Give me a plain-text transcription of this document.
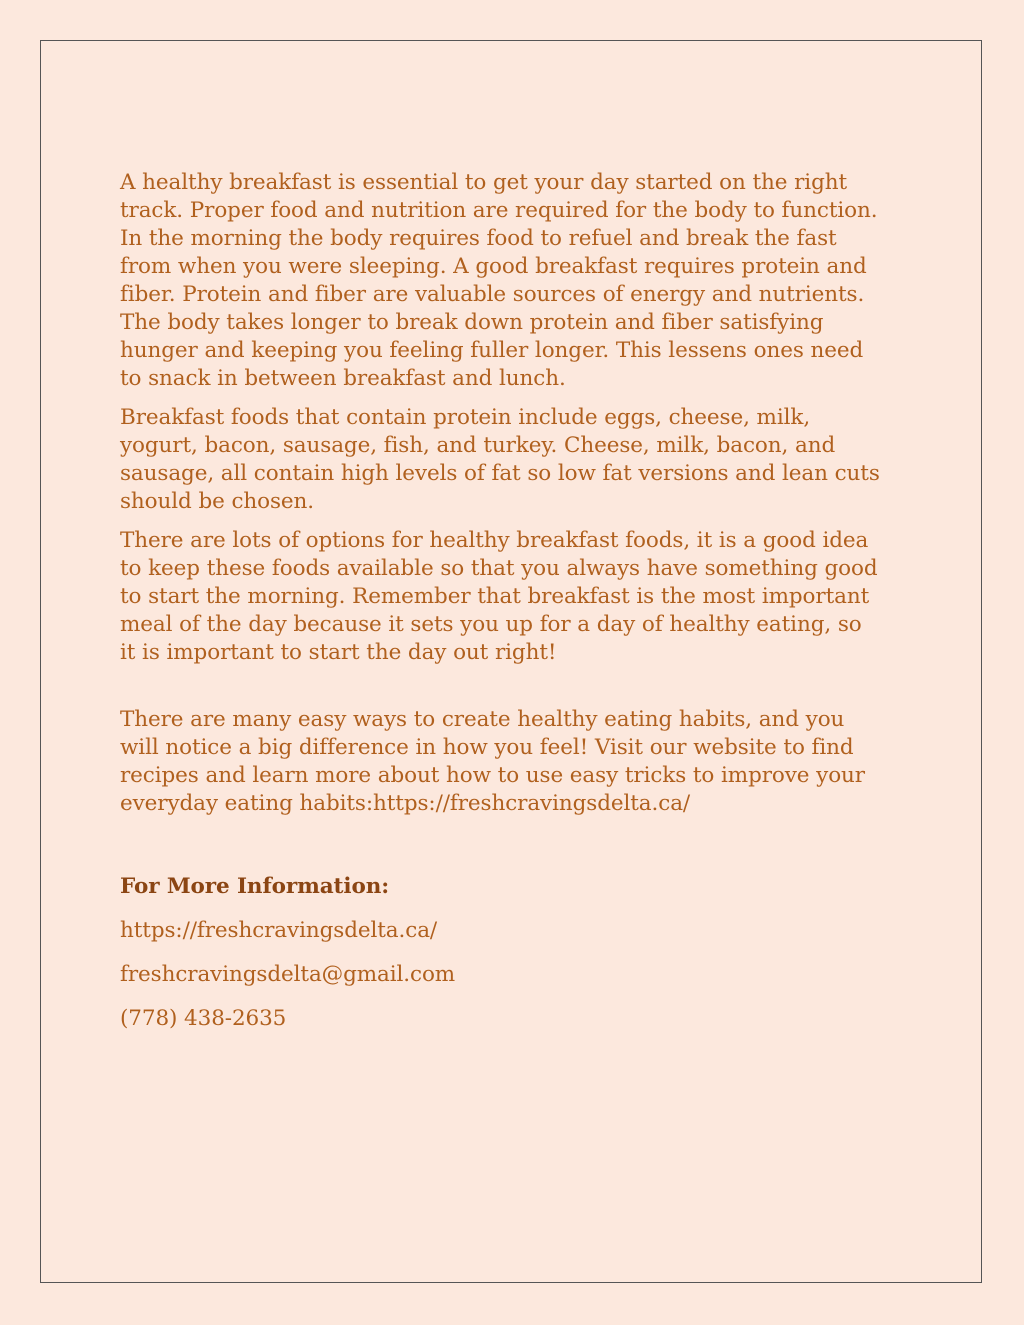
A healthy breakfast is essential to get your day started on the right track. Proper food and nutrition are required for the body to function. In the morning the body requires food to refuel and break the fast from when you were sleeping. A good breakfast requires protein and fiber. Protein and fiber are valuable sources of energy and nutrients. The body takes longer to break down protein and fiber satisfying hunger and keeping you feeling fuller longer. This lessens ones need to snack in between breakfast and lunch.

Breakfast foods that contain protein include eggs, cheese, milk, yogurt, bacon, sausage, fish, and turkey. Cheese, milk, bacon, and sausage, all contain high levels of fat so low fat versions and lean cuts should be chosen.

There are lots of options for healthy breakfast foods, it is a good idea to keep these foods available so that you always have something good to start the morning. Remember that breakfast is the most important meal of the day because it sets you up for a day of healthy eating, so it is important to start the day out right!

There are many easy ways to create healthy eating habits, and you will notice a big difference in how you feel! Visit our website to find recipes and learn more about how to use easy tricks to improve your everyday eating habits:https://freshcravingsdelta.ca/

For More Information:

https://freshcravingsdelta.ca/

freshcravingsdelta@gmail.com

(778) 438-2635
